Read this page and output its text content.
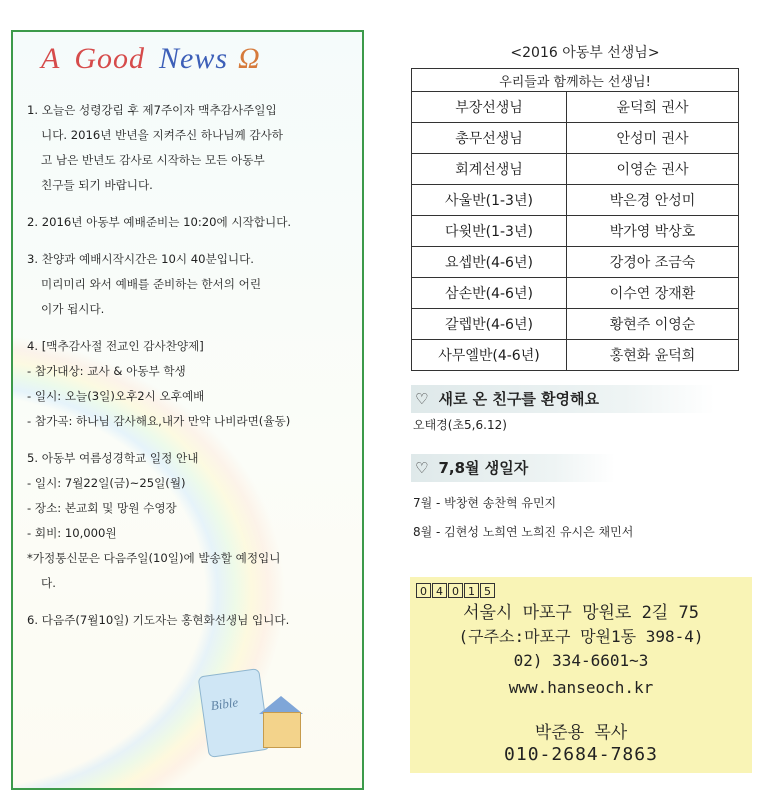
A Good News Ω
Bible
1. 오늘은 성령강림 후 제7주이자 맥추감사주일입
니다. 2016년 반년을 지켜주신 하나님께 감사하
고 남은 반년도 감사로 시작하는 모든 아동부
친구들 되기 바랍니다.
2. 2016년 아동부 예배준비는 10:20에 시작합니다.
3. 찬양과 예배시작시간은 10시 40분입니다.
미리미리 와서 예배를 준비하는 한서의 어린
이가 됩시다.
4. [맥추감사절 전교인 감사찬양제]
- 참가대상: 교사 & 아동부 학생
- 일시: 오늘(3일)오후2시 오후예배
- 참가곡: 하나님 감사해요,내가 만약 나비라면(율동)
5. 아동부 여름성경학교 일정 안내
- 일시: 7월22일(금)~25일(월)
- 장소: 본교회 및 망원 수영장
- 회비: 10,000원
*가정통신문은 다음주일(10일)에 발송할 예정입니
다.
6. 다음주(7월10일) 기도자는 홍현화선생님 입니다.
<2016 아동부 선생님>
우리들과 함께하는 선생님!	
부장선생님	윤덕희 권사
총무선생님	안성미 권사
회계선생님	이영순 권사
사울반(1-3년)	박은경 안성미
다윗반(1-3년)	박가영 박상호
요셉반(4-6년)	강경아 조금숙
삼손반(4-6년)	이수연 장재환
갈렙반(4-6년)	황현주 이영순
사무엘반(4-6년)	홍현화 윤덕희
♡ 새로 온 친구를 환영해요
오태경(초5,6.12)
♡ 7,8월 생일자
7월 - 박창현 송찬혁 유민지
8월 - 김현성 노희연 노희진 유시은 채민서
0 4 0 1 5
서울시 마포구 망원로 2길 75
(구주소:마포구 망원1동 398-4)
02) 334-6601~3
www.hanseoch.kr
박준용 목사
010-2684-7863
